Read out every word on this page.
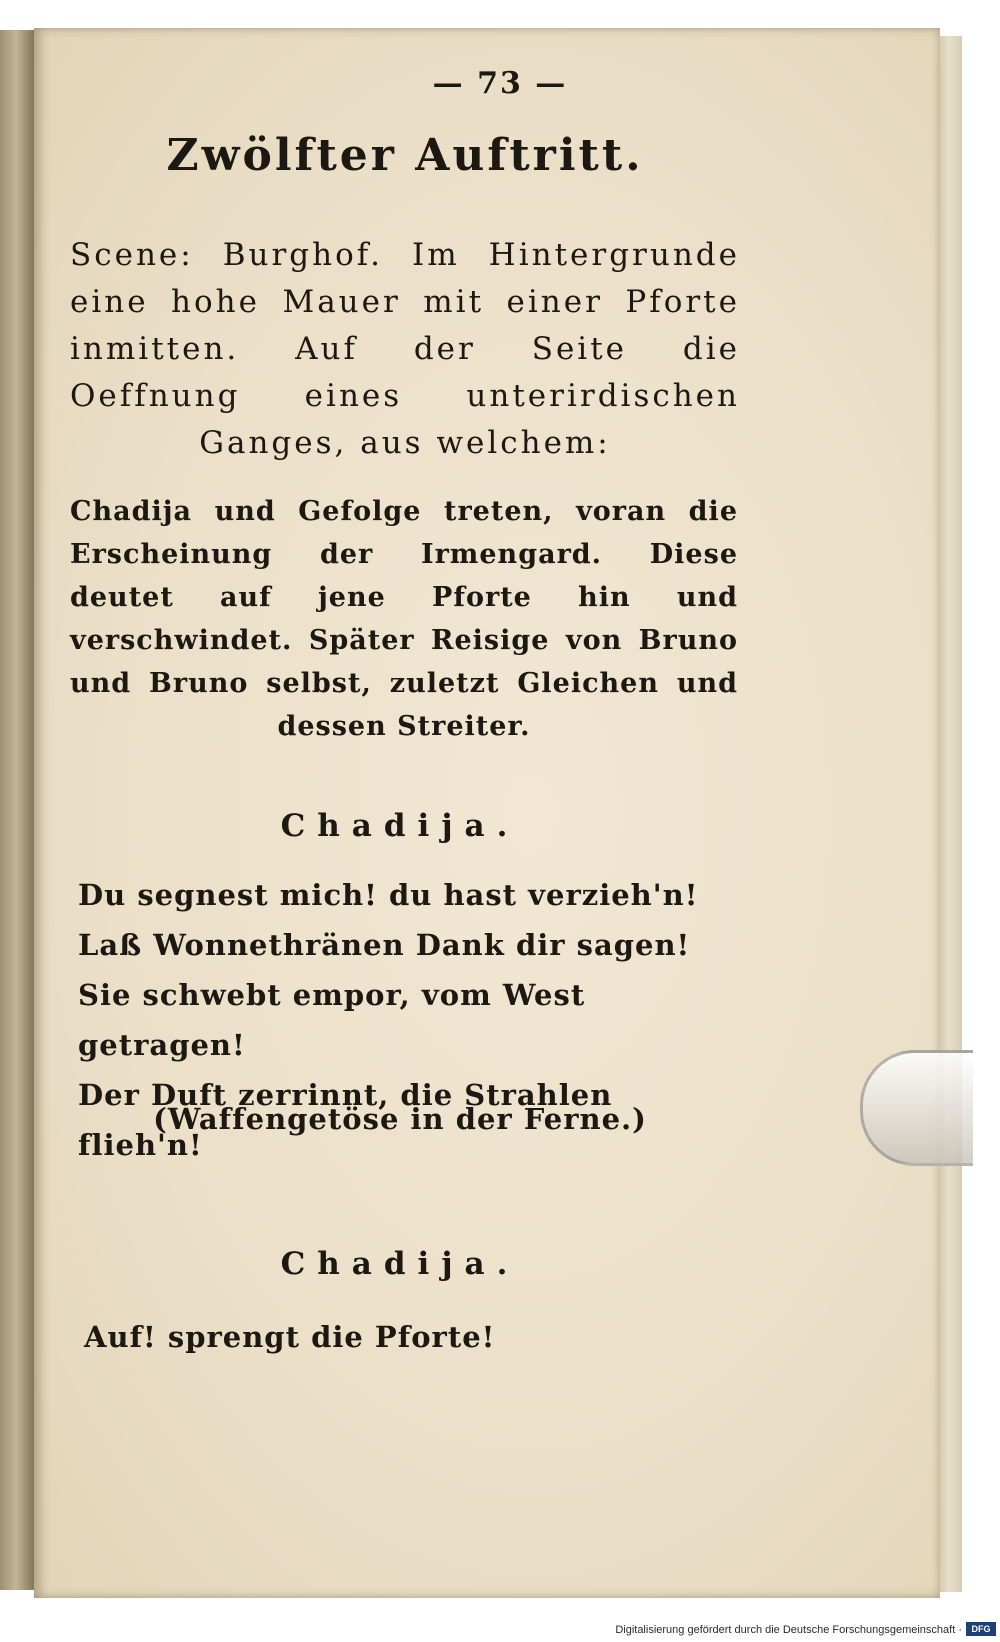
— 73 —
Zwölfter Auftritt.
Scene: Burghof. Im Hintergrunde eine hohe Mauer mit einer Pforte inmitten. Auf der Seite die Oeffnung eines unterirdischen Ganges, aus welchem:
Chadija und Gefolge treten, voran die Erscheinung der Irmengard. Diese deutet auf jene Pforte hin und verschwindet. Später Reisige von Bruno und Bruno selbst, zuletzt Gleichen und dessen Streiter.
Chadija.
Du segnest mich! du hast verzieh'n!
Laß Wonnethränen Dank dir sagen!
Sie schwebt empor, vom West getragen!
Der Duft zerrinnt, die Strahlen flieh'n!
(Waffengetöse in der Ferne.)
Chadija.
Auf! sprengt die Pforte!
Digitalisierung gefördert durch die Deutsche Forschungsgemeinschaft ·	DFG
